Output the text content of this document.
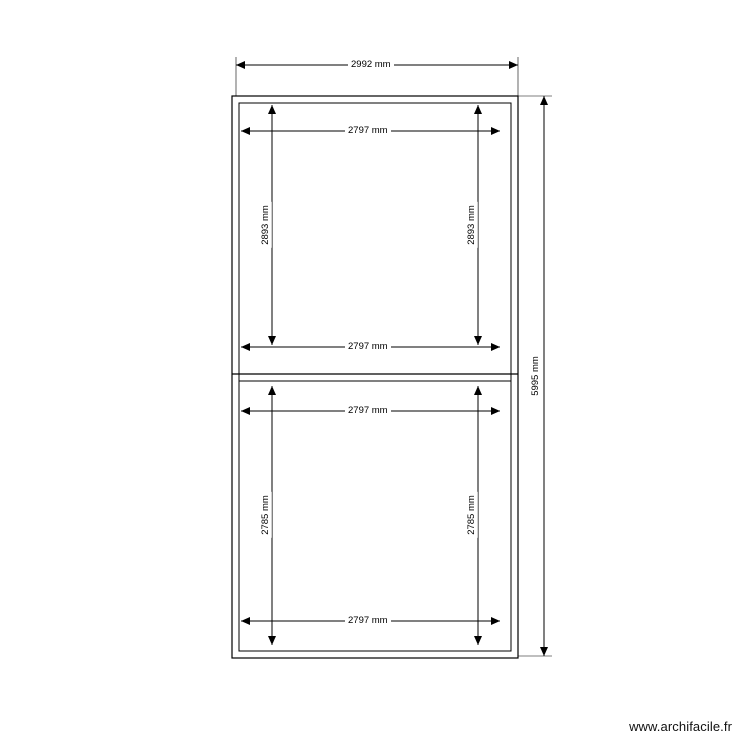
2992 mm
5995 mm
2797 mm
2797 mm
2893 mm	2893 mm
2797 mm
2797 mm
2785 mm	2785 mm
www.archifacile.fr
